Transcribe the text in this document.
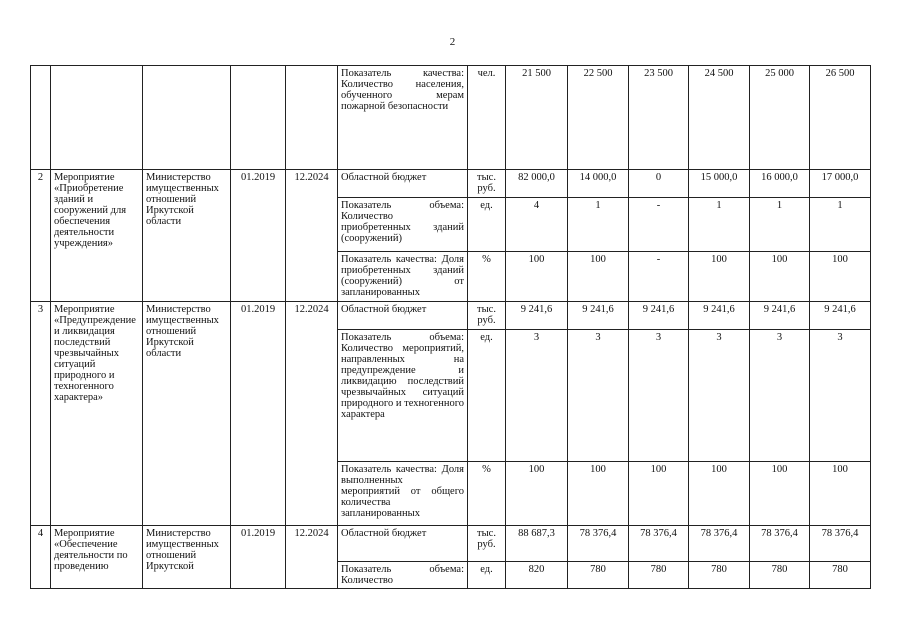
2
					Показатель качества: Количество населения, обученного мерам пожарной безопасности	чел.	21 500	22 500	23 500	24 500	25 000	26 500
2	Мероприятие «Приобретение зданий и сооружений для обеспечения деятельности учреждения»	Министерство имущественных отношений Иркутской области	01.2019	12.2024	Областной бюджет	тыс. руб.	82 000,0	14 000,0	0	15 000,0	16 000,0	17 000,0
					Показатель объема: Количество приобретенных зданий (сооружений)	ед.	4	1	-	1	1	1
					Показатель качества: Доля приобретенных зданий (сооружений) от запланированных	%	100	100	-	100	100	100
3	Мероприятие «Предупреждение и ликвидация последствий чрезвычайных ситуаций природного и техногенного характера»	Министерство имущественных отношений Иркутской области	01.2019	12.2024	Областной бюджет	тыс. руб.	9 241,6	9 241,6	9 241,6	9 241,6	9 241,6	9 241,6
					Показатель объема: Количество мероприятий, направленных на предупреждение и ликвидацию последствий чрезвычайных ситуаций природного и техногенного характера	ед.	3	3	3	3	3	3
					Показатель качества: Доля выполненных мероприятий от общего количества запланированных	%	100	100	100	100	100	100
4	Мероприятие «Обеспечение деятельности по проведению	Министерство имущественных отношений Иркутской	01.2019	12.2024	Областной бюджет	тыс. руб.	88 687,3	78 376,4	78 376,4	78 376,4	78 376,4	78 376,4
					Показатель объема: Количество	ед.	820	780	780	780	780	780
